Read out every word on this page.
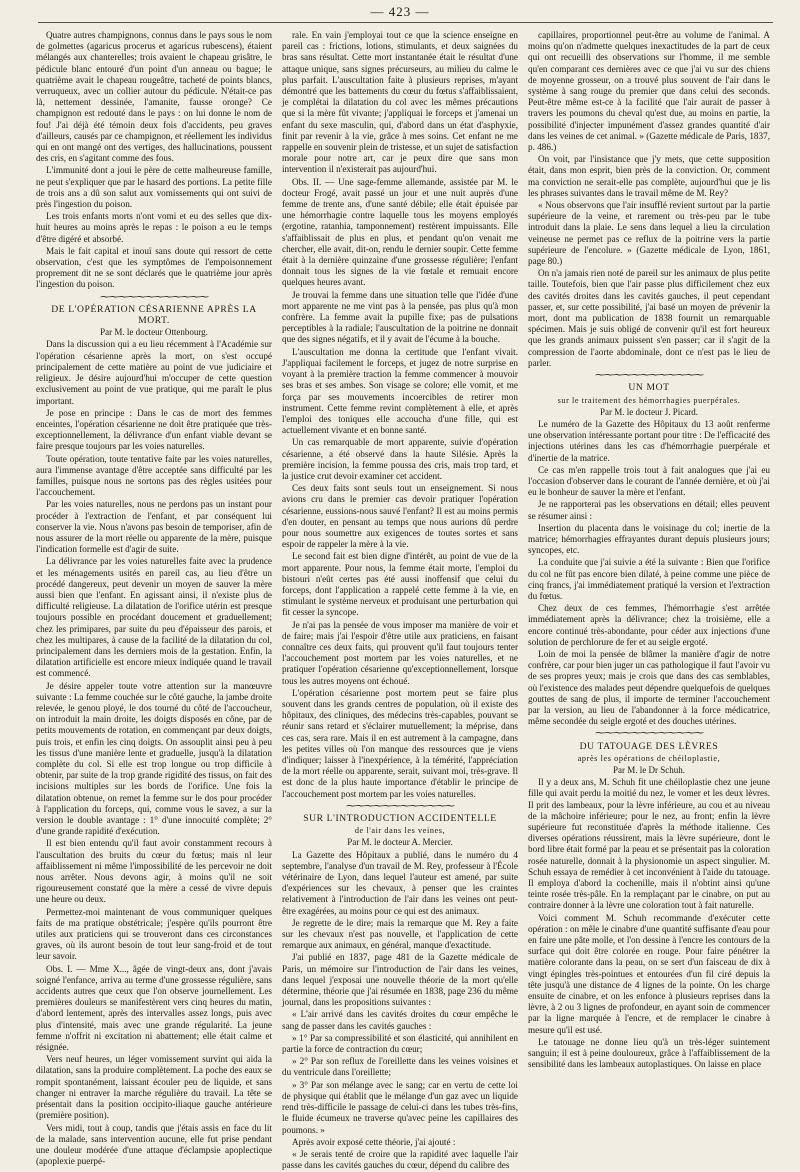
— 423 —

Quatre autres champignons, connus dans le pays sous le nom de golmettes (agaricus procerus et agaricus rubescens), étaient mélangés aux chanterelles; trois avaient le chapeau grisâtre, le pédicule blanc entouré d'un point d'un anneau ou bague; le quatrième avait le chapeau rougeâtre, tacheté de points blancs, verruqueux, avec un collier autour du pédicule. N'était-ce pas là, nettement dessinée, l'amanite, fausse oronge? Ce champignon est redouté dans le pays : on lui donne le nom de fou! J'ai déjà été témoin deux fois d'accidents, peu graves d'ailleurs, causés par ce champignon, et réellement les individus qui en ont mangé ont des vertiges, des hallucinations, poussent des cris, en s'agitant comme des fous.

L'immunité dont a joui le père de cette malheureuse famille, ne peut s'expliquer que par le hasard des portions. La petite fille de trois ans a dû son salut aux vomissements qui ont suivi de près l'ingestion du poison.

Les trois enfants morts n'ont vomi et eu des selles que dix-huit heures au moins après le repas : le poison a eu le temps d'être digéré et absorbé.

Mais le fait capital et inouï sans doute qui ressort de cette observation, c'est que les symptômes de l'empoisonnement proprement dit ne se sont déclarés que le quatrième jour après l'ingestion du poison.

⁓⁓⁓⁓⁓⁓⁓⁓⁓⁓⁓⁓

DE L'OPÉRATION CÉSARIENNE APRÈS LA MORT.

Par M. le docteur Ottenbourg.

Dans la discussion qui a eu lieu récemment à l'Académie sur l'opération césarienne après la mort, on s'est occupé principalement de cette matière au point de vue judiciaire et religieux. Je désire aujourd'hui m'occuper de cette question exclusivement au point de vue pratique, qui me paraît le plus important.

Je pose en principe : Dans le cas de mort des femmes enceintes, l'opération césarienne ne doit être pratiquée que très-exceptionnellement, la délivrance d'un enfant viable devant se faire presque toujours par les voies naturelles.

Toute opération, toute tentative faite par les voies naturelles, aura l'immense avantage d'être acceptée sans difficulté par les familles, puisque nous ne sortons pas des règles usitées pour l'accouchement.

Par les voies naturelles, nous ne perdons pas un instant pour procéder à l'extraction de l'enfant, et par conséquent lui conserver la vie. Nous n'avons pas besoin de temporiser, afin de nous assurer de la mort réelle ou apparente de la mère, puisque l'indication formelle est d'agir de suite.

La délivrance par les voies naturelles faite avec la prudence et les ménagements usités en pareil cas, au lieu d'être un procédé dangereux, peut devenir un moyen de sauver la mère aussi bien que l'enfant. En agissant ainsi, il n'existe plus de difficulté religieuse. La dilatation de l'orifice utérin est presque toujours possible en procédant doucement et graduellement; chez les primipares, par suite du peu d'épaisseur des parois, et chez les multipares, à cause de la facilité de la dilatation du col, principalement dans les derniers mois de la gestation. Enfin, la dilatation artificielle est encore mieux indiquée quand le travail est commencé.

Je désire appeler toute votre attention sur la manœuvre suivante : La femme couchée sur le côté gauche, la jambe droite relevée, le genou ployé, le dos tourné du côté de l'accoucheur, on introduit la main droite, les doigts disposés en cône, par de petits mouvements de rotation, en commençant par deux doigts, puis trois, et enfin les cinq doigts. On assouplit ainsi peu à peu les tissus d'une manière lente et graduelle, jusqu'à la dilatation complète du col. Si elle est trop longue ou trop difficile à obtenir, par suite de la trop grande rigidité des tissus, on fait des incisions multiples sur les bords de l'orifice. Une fois la dilatation obtenue, on remet la femme sur le dos pour procéder à l'application du forceps, qui, comme vous le savez, a sur la version le double avantage : 1° d'une innocuité complète; 2° d'une grande rapidité d'exécution.

Il est bien entendu qu'il faut avoir constamment recours à l'auscultation des bruits du cœur du fœtus; mais nl leur affaiblissement ni même l'impossibilité de les percevoir ne doit nous arrêter. Nous devons agir, à moins qu'il ne soit rigoureusement constaté que la mère a cessé de vivre depuis une heure ou deux.

Permettez-moi maintenant de vous communiquer quelques faits de ma pratique obstétricale; j'espère qu'ils pourront être utiles aux praticiens qui se trouveront dans ces circonstances graves, où ils auront besoin de tout leur sang-froid et de tout leur savoir.

Obs. I. — Mme X..., âgée de vingt-deux ans, dont j'avais soigné l'enfance, arriva au terme d'une grossesse régulière, sans accidents autres que ceux que l'on observe journellement. Les premières douleurs se manifestèrent vers cinq heures du matin, d'abord lentement, après des intervalles assez longs, puis avec plus d'intensité, mais avec une grande régularité. La jeune femme n'offrit ni excitation ni abattement; elle était calme et résignée.

Vers neuf heures, un léger vomissement survint qui aida la dilatation, sans la produire complètement. La poche des eaux se rompit spontanément, laissant écouler peu de liquide, et sans changer ni entraver la marche régulière du travail. La tête se présentait dans la position occipito-iliaque gauche antérieure (première position).

Vers midi, tout à coup, tandis que j'étais assis en face du lit de la malade, sans intervention aucune, elle fut prise pendant une douleur modérée d'une attaque d'éclampsie apoplectique (apoplexie puerpé-

rale. En vain j'employai tout ce que la science enseigne en pareil cas : frictions, lotions, stimulants, et deux saignées du bras sans résultat. Cette mort instantanée était le résultat d'une attaque unique, sans signes précurseurs, au milieu du calme le plus parfait. L'auscultation faite à plusieurs reprises, m'ayant démontré que les battements du cœur du fœtus s'affaiblissaient, je complétai la dilatation du col avec les mêmes précautions que si la mère fût vivante; j'appliquai le forceps et j'amenai un enfant du sexe masculin, qui, d'abord dans un état d'asphyxie, finit par revenir à la vie, grâce à mes soins. Cet enfant ne me rappelle en souvenir plein de tristesse, et un sujet de satisfaction morale pour notre art, car je peux dire que sans mon intervention il n'existerait pas aujourd'hui.

Obs. II. — Une sage-femme allemande, assistée par M. le docteur Frogé, avait passé un jour et une nuit auprès d'une femme de trente ans, d'une santé débile; elle était épuisée par une hémorrhagie contre laquelle tous les moyens employés (ergotine, ratanhia, tamponnement) restèrent impuissants. Elle s'affaiblissait de plus en plus, et pendant qu'on venait me chercher, elle avait, dit-on, rendu le dernier soupir. Cette femme était à la dernière quinzaine d'une grossesse régulière; l'enfant donnait tous les signes de la vie fœtale et remuait encore quelques heures avant.

Je trouvai la femme dans une situation telle que l'idée d'une mort apparente ne me vint pas à la pensée, pas plus qu'à mon confrère. La femme avait la pupille fixe; pas de pulsations perceptibles à la radiale; l'auscultation de la poitrine ne donnait que des signes négatifs, et il y avait de l'écume à la bouche.

L'auscultation me donna la certitude que l'enfant vivait. J'appliquai facilement le forceps, et jugez de notre surprise en voyant à la première traction la femme commencer à mouvoir ses bras et ses ambes. Son visage se colore; elle vomit, et me força par ses mouvements incoercibles de retirer mon instrument. Cette femme revint complètement à elle, et après l'emploi des toniques elle accoucha d'une fille, qui est actuellement vivante et en bonne santé.

Un cas remarquable de mort apparente, suivie d'opération césarienne, a été observé dans la haute Silésie. Après la première incision, la femme poussa des cris, mais trop tard, et la justice crut devoir examiner cet accident.

Ces deux faits sont seuls tout un enseignement. Si nous avions cru dans le premier cas devoir pratiquer l'opération césarienne, eussions-nous sauvé l'enfant? Il est au moins permis d'en douter, en pensant au temps que nous aurions dû perdre pour nous soumettre aux exigences de toutes sortes et sans espoir de rappeler la mère à la vie.

Le second fait est bien digne d'intérêt, au point de vue de la mort apparente. Pour nous, la femme était morte, l'emploi du bistouri n'eût certes pas été aussi inoffensif que celui du forceps, dont l'application a rappelé cette femme à la vie, en stimulant le système nerveux et produisant une perturbation qui fit cesser la syncope.

Je n'ai pas la pensée de vous imposer ma manière de voir et de faire; mais j'ai l'espoir d'être utile aux praticiens, en faisant connaître ces deux faits, qui prouvent qu'il faut toujours tenter l'accouchement post mortem par les voies naturelles, et ne pratiquer l'opération césarienne qu'exceptionnellement, lorsque tous les autres moyens ont échoué.

L'opération césarienne post mortem peut se faire plus souvent dans les grands centres de population, où il existe des hôpitaux, des cliniques, des médecins très-capables, pouvant se réunir sans retard et s'éclairer mutuellement; la méprise, dans ces cas, sera rare. Mais il en est autrement à la campagne, dans les petites villes où l'on manque des ressources que je viens d'indiquer; laisser à l'inexpérience, à la témérité, l'appréciation de la mort réelle ou apparente, serait, suivant moi, très-grave. Il est donc de la plus haute importance d'établir le principe de l'accouchement post mortem par les voies naturelles.

⁓⁓⁓⁓⁓⁓⁓⁓⁓⁓⁓⁓

SUR L'INTRODUCTION ACCIDENTELLE

de l'air dans les veines,

Par M. le docteur A. Mercier.

La Gazette des Hôpitaux a publié, dans le numéro du 4 septembre, l'analyse d'un travail de M. Rey, professeur à l'École vétérinaire de Lyon, dans lequel l'auteur est amené, par suite d'expériences sur les chevaux, à penser que les craintes relativement à l'introduction de l'air dans les veines ont peut-être exagérées, au moins pour ce qui est des animaux.

Je regrette de le dire; mais la remarque que M. Rey a faite sur les chevaux n'est pas nouvelle, et l'application de cette remarque aux animaux, en général, manque d'exactitude.

J'ai publié en 1837, page 481 de la Gazette médicale de Paris, un mémoire sur l'introduction de l'air dans les veines, dans lequel j'exposai une nouvelle théorie de la mort qu'elle détermine, théorie que j'ai résumée en 1838, page 236 du même journal, dans les propositions suivantes :

« L'air arrivé dans les cavités droites du cœur empêche le sang de passer dans les cavités gauches :

» 1° Par sa compressibilité et son élasticité, qui annihilent en partie la force de contraction du cœur;

» 2° Par son reflux de l'oreillette dans les veines voisines et du ventricule dans l'oreillette;

» 3° Par son mélange avec le sang; car en vertu de cette loi de physique qui établit que le mélange d'un gaz avec un liquide rend très-difficile le passage de celui-ci dans les tubes très-fins, le fluide écumeux ne traverse qu'avec peine les capillaires des poumons. »

Après avoir exposé cette théorie, j'ai ajouté :

« Je serais tenté de croire que la rapidité avec laquelle l'air passe dans les cavités gauches du cœur, dépend du calibre des

capillaires, proportionnel peut-être au volume de l'animal. A moins qu'on n'admette quelques inexactitudes de la part de ceux qui ont recueilli des observations sur l'homme, il me semble qu'en comparant ces dernières avec ce que j'ai vu sur des chiens de moyenne grosseur, on a trouvé plus souvent de l'air dans le système à sang rouge du premier que dans celui des seconds. Peut-être même est-ce à la facilité que l'air aurait de passer à travers les poumons du cheval qu'est due, au moins en partie, la possibilité d'injecter impunément d'assez grandes quantité d'air dans les veines de cet animal. » (Gazette médicale de Paris, 1837, p. 486.)

On voit, par l'insistance que j'y mets, que cette supposition était, dans mon esprit, bien près de la conviction. Or, comment ma conviction ne serait-elle pas complète, aujourd'hui que je lis les phrases suivantes dans le travail même de M. Rey?

« Nous observons que l'air insufflé revient surtout par la partie supérieure de la veine, et rarement ou très-peu par le tube introduit dans la plaie. Le sens dans lequel a lieu la circulation veineuse ne permet pas ce reflux de la poitrine vers la partie supérieure de l'encolure. » (Gazette médicale de Lyon, 1861, page 80.)

On n'a jamais rien noté de pareil sur les animaux de plus petite taille. Toutefois, bien que l'air passe plus difficilement chez eux des cavités droites dans les cavités gauches, il peut cependant passer, et, sur cette possibilité, j'ai basé un moyen de prévenir la mort, dont ma publication de 1838 fournit un remarquable spécimen. Mais je suis obligé de convenir qu'il est fort heureux que les grands animaux puissent s'en passer; car il s'agit de la compression de l'aorte abdominale, dont ce n'est pas le lieu de parler.

⁓⁓⁓⁓⁓⁓⁓⁓⁓⁓⁓⁓

UN MOT

sur le traitement des hémorrhagies puerpérales.

Par M. le docteur J. Picard.

Le numéro de la Gazette des Hôpitaux du 13 août renferme une observation intéressante portant pour titre : De l'efficacité des injections utérines dans les cas d'hémorrhagie puerpérale et d'inertie de la matrice.

Ce cas m'en rappelle trois tout à fait analogues que j'ai eu l'occasion d'observer dans le courant de l'année dernière, et où j'ai eu le bonheur de sauver la mère et l'enfant.

Je ne rapporterai pas les observations en détail; elles peuvent se résumer ainsi :

Insertion du placenta dans le voisinage du col; inertie de la matrice; hémorrhagies effrayantes durant depuis plusieurs jours; syncopes, etc.

La conduite que j'ai suivie a été la suivante : Bien que l'orifice du col ne fût pas encore bien dilaté, à peine comme une pièce de cinq francs, j'ai immédiatement pratiqué la version et l'extraction du fœtus.

Chez deux de ces femmes, l'hémorrhagie s'est arrêtée immédiatement après la délivrance; chez la troisième, elle a encore continué très-abondante, pour céder aux injections d'une solution de perchlorure de fer et au seigle ergoté.

Loin de moi la pensée de blâmer la manière d'agir de notre confrère, car pour bien juger un cas pathologique il faut l'avoir vu de ses propres yeux; mais je crois que dans des cas semblables, où l'existence des malades peut dépendre quelquefois de quelques gouttes de sang de plus, il importe de terminer l'accouchement par la version, au lieu de l'abandonner à la force médicatrice, même secondée du seigle ergoté et des douches utérines.

⁓⁓⁓⁓⁓⁓⁓⁓⁓⁓⁓⁓

DU TATOUAGE DES LÈVRES

après les opérations de chéiloplastie,

Par M. le Dr Schuh.

Il y a deux ans, M. Schuh fit une chéiloplastie chez une jeune fille qui avait perdu la moitié du nez, le vomer et les deux lèvres. Il prit des lambeaux, pour la lèvre inférieure, au cou et au niveau de la mâchoire inférieure; pour le nez, au front; enfin la lèvre supérieure fut reconstituée d'après la méthode italienne. Ces diverses opérations réussirent, mais la lèvre supérieure, dont le bord libre était formé par la peau et se présentait pas la coloration rosée naturelle, donnait à la physionomie un aspect singulier. M. Schuh essaya de remédier à cet inconvénient à l'aide du tatouage. Il employa d'abord la cochenille, mais il n'obtint ainsi qu'une teinte rosée très-pâle. En la remplaçant par le cinabre, on put au contraire donner à la lèvre une coloration tout à fait naturelle.

Voici comment M. Schuh recommande d'exécuter cette opération : on mêle le cinabre d'une quantité suffisante d'eau pour en faire une pâte molle, et l'on dessine à l'encre les contours de la surface qui doit être colorée en rouge. Pour faire pénétrer la matière colorante dans la peau, on se sert d'un faisceau de dix à vingt épingles très-pointues et entourées d'un fil ciré depuis la tête jusqu'à une distance de 4 lignes de la pointe. On les charge ensuite de cinabre, et on les enfonce à plusieurs reprises dans la lèvre, à 2 ou 3 lignes de profondeur, en ayant soin de commencer par la ligne marquée à l'encre, et de remplacer le cinabre à mesure qu'il est usé.

Le tatouage ne donne lieu qu'à un très-léger suintement sanguin; il est à peine douloureux, grâce à l'affaiblissement de la sensibilité dans les lambeaux autoplastiques. On laisse en place
